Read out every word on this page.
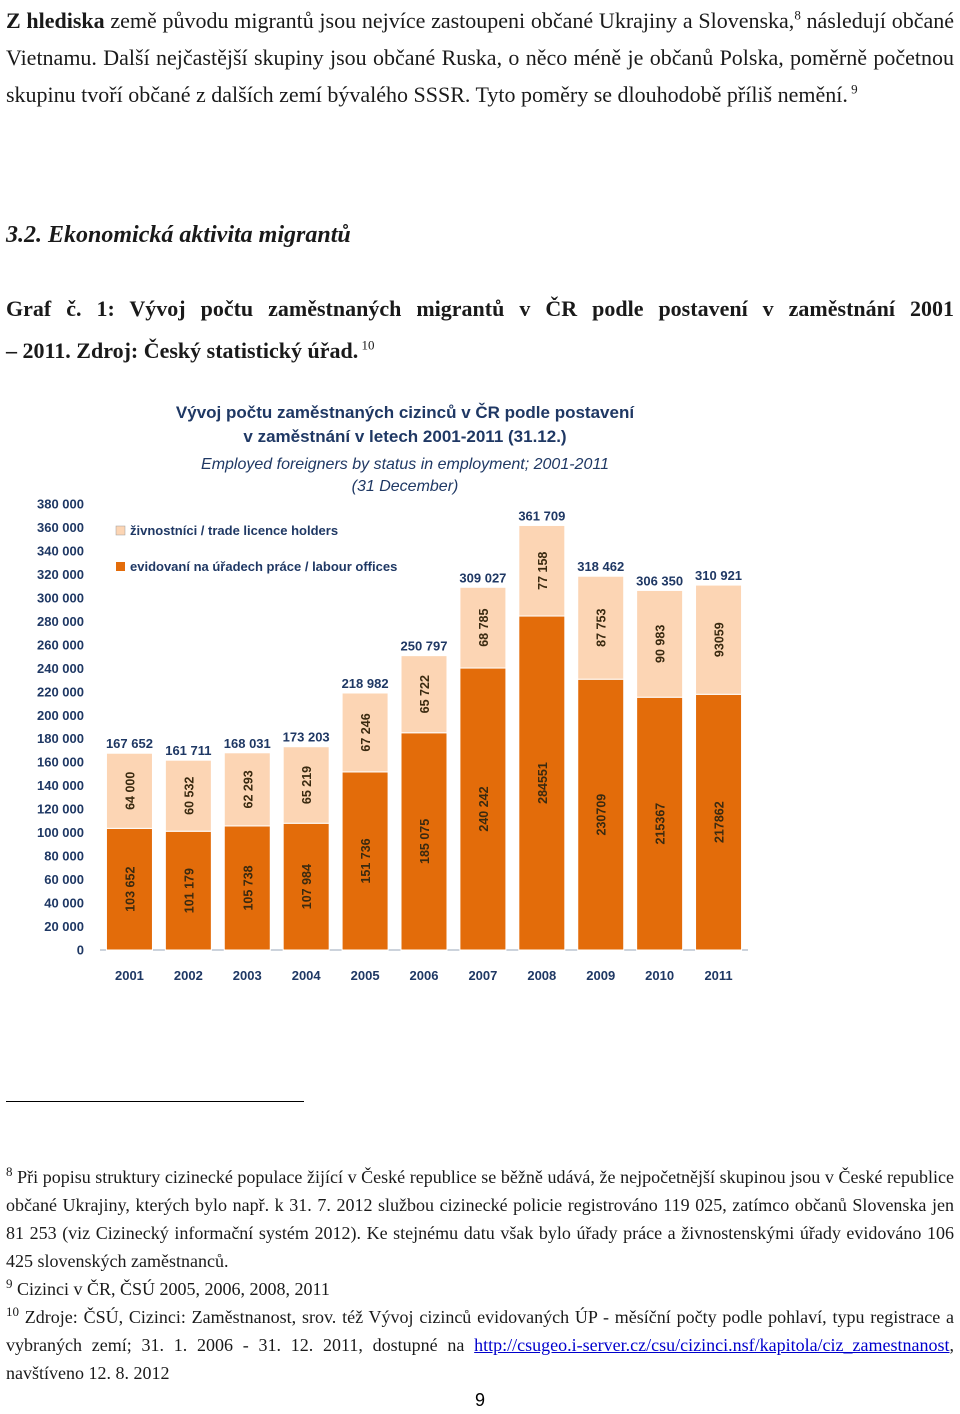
Z hlediska země původu migrantů jsou nejvíce zastoupeni občané Ukrajiny a Slovenska,$^8$ následují občané Vietnamu. Další nejčastější skupiny jsou občané Ruska, o něco méně je občanů Polska, poměrně početnou skupinu tvoří občané z dalších zemí bývalého SSSR. Tyto poměry se dlouhodobě příliš nemění. $^9$
3.2. Ekonomická aktivita migrantů
Graf č. 1: Vývoj počtu zaměstnaných migrantů v ČR podle postavení v zaměstnání 2001
– 2011. Zdroj: Český statistický úřad. $^{10}$
Vývoj počtu zaměstnaných cizinců v ČR podle postavení
v zaměstnání v letech 2001-2011 (31.12.)
Employed foreigners by status in employment; 2001-2011
(31 December)
0
20 000
40 000
60 000
80 000
100 000
120 000
140 000
160 000
180 000
200 000
220 000
240 000
260 000
280 000
300 000
320 000
340 000
360 000
380 000
103 652
64 000
167 652
2001
101 179
60 532
161 711
2002
105 738
62 293
168 031
2003
107 984
65 219
173 203
2004
151 736
67 246
218 982
2005
185 075
65 722
250 797
2006
240 242
68 785
309 027
2007
284551
77 158
361 709
2008
230709
87 753
318 462
2009
215367
90 983
306 350
2010
217862
93059
310 921
2011
živnostníci / trade licence holders
evidovaní na úřadech práce / labour offices

$^8$ Při popisu struktury cizinecké populace žijící v České republice se běžně udává, že nejpočetnější skupinou jsou v České republice občané Ukrajiny, kterých bylo např. k 31. 7. 2012 službou cizinecké policie registrováno 119 025, zatímco občanů Slovenska jen 81 253 (viz Cizinecký informační systém 2012). Ke stejnému datu však bylo úřady práce a živnostenskými úřady evidováno 106 425 slovenských zaměstnanců.

$^9$ Cizinci v ČR, ČSÚ 2005, 2006, 2008, 2011

$^{10}$ Zdroje: ČSÚ, Cizinci: Zaměstnanost, srov. též Vývoj cizinců evidovaných ÚP - měsíční počty podle pohlaví, typu registrace a vybraných zemí; 31. 1. 2006 - 31. 12. 2011, dostupné na http://csugeo.i-server.cz/csu/cizinci.nsf/kapitola/ciz_zamestnanost, navštíveno 12. 8. 2012

9
